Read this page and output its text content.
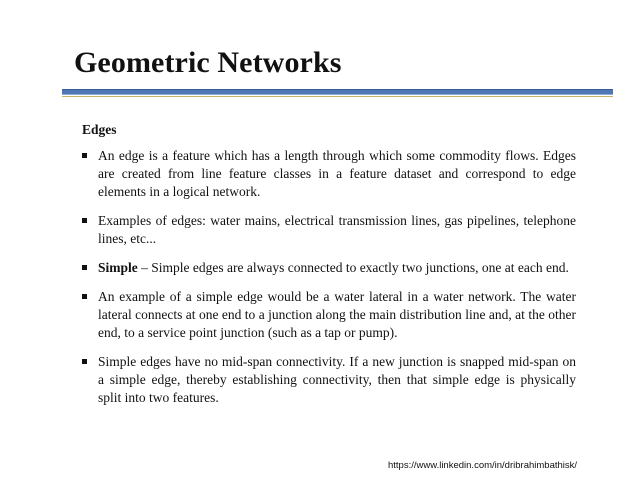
Geometric Networks
Edges
An edge is a feature which has a length through which some commodity flows. Edges are created from line feature classes in a feature dataset and correspond to edge elements in a logical network.
Examples of edges: water mains, electrical transmission lines, gas pipelines, telephone lines, etc...
Simple – Simple edges are always connected to exactly two junctions, one at each end.
An example of a simple edge would be a water lateral in a water network. The water lateral connects at one end to a junction along the main distribution line and, at the other end, to a service point junction (such as a tap or pump).
Simple edges have no mid-span connectivity. If a new junction is snapped mid-span on a simple edge, thereby establishing connectivity, then that simple edge is physically split into two features.
https://www.linkedin.com/in/dribrahimbathisk/
